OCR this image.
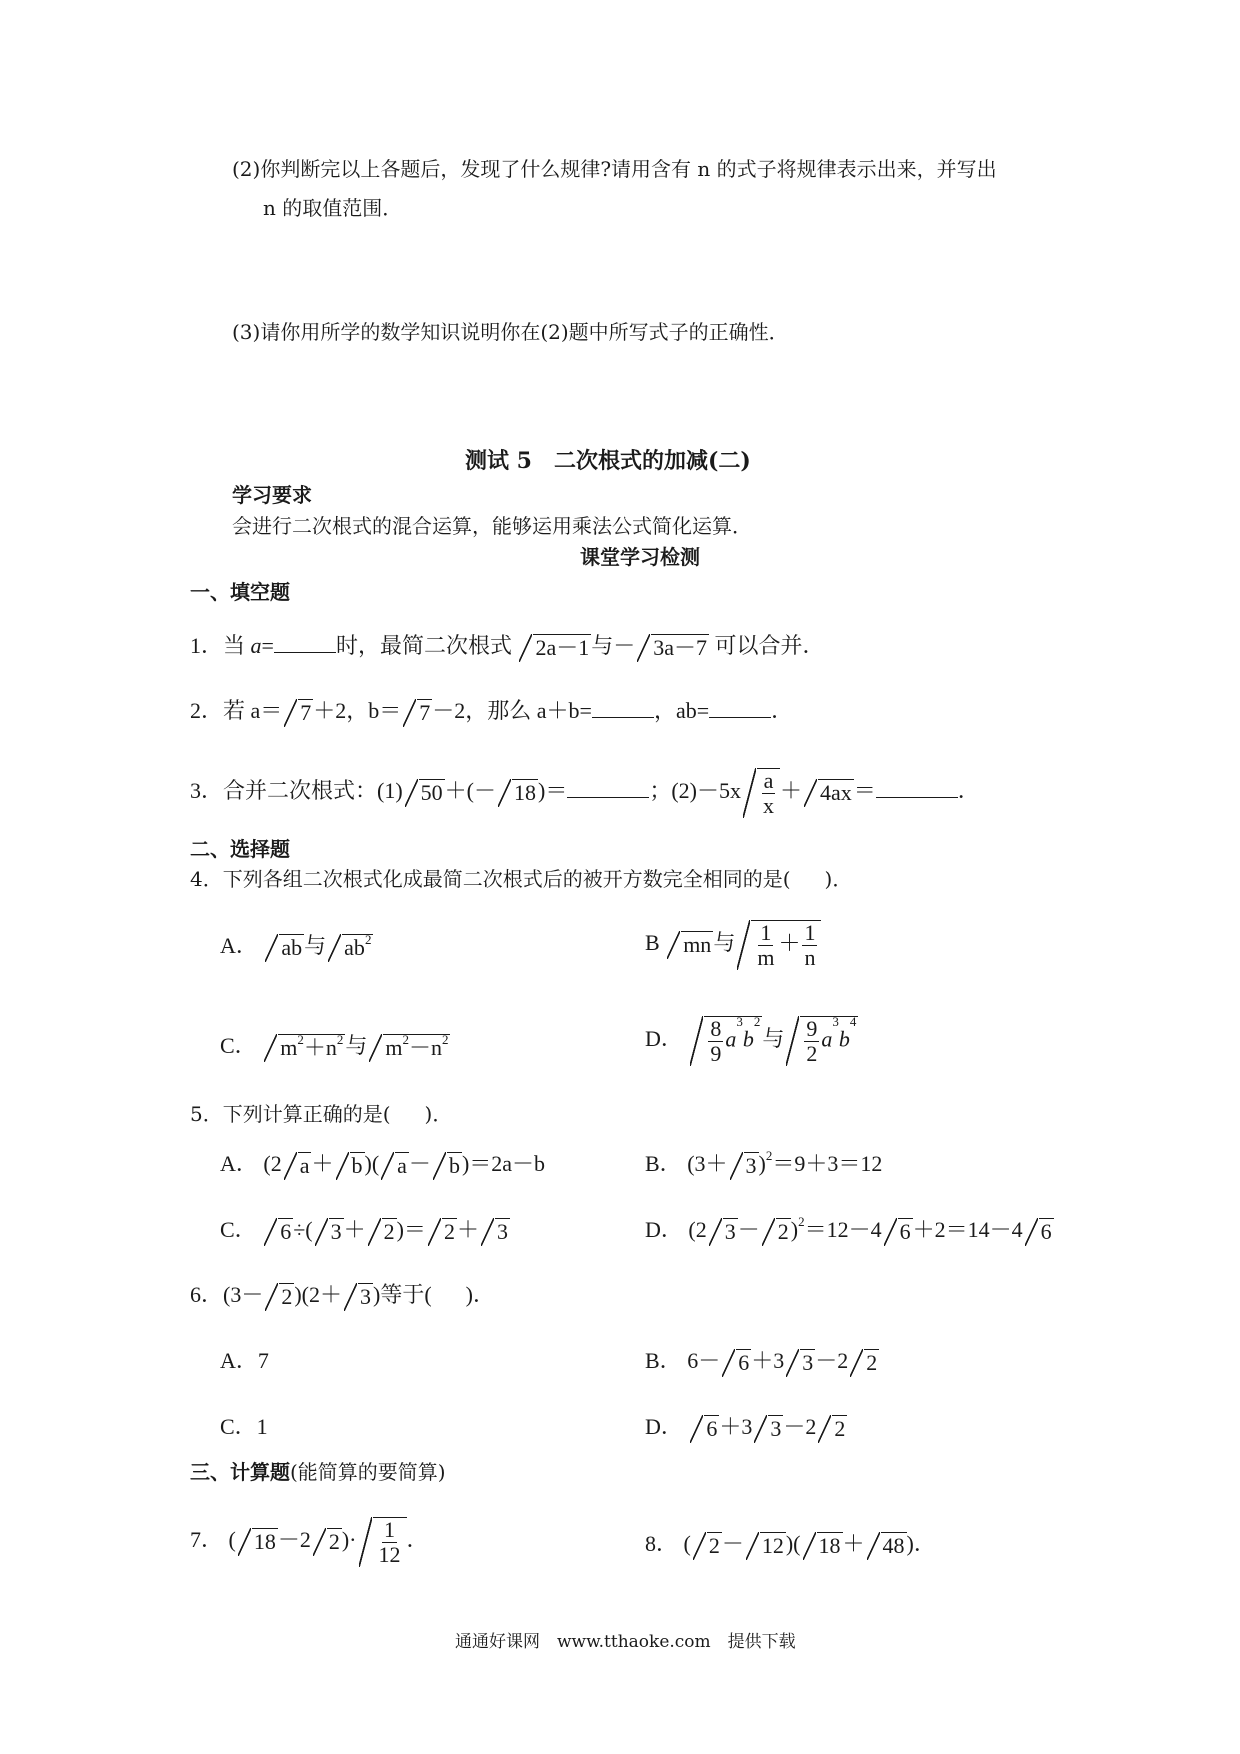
(2)你判断完以上各题后，发现了什么规律?请用含有 n 的式子将规律表示出来，并写出
n 的取值范围．
(3)请你用所学的数学知识说明你在(2)题中所写式子的正确性．
测试 5　二次根式的加减(二)
学习要求
会进行二次根式的混合运算，能够运用乘法公式简化运算．
课堂学习检测
一、填空题
1．当 a=	时，最简二次根式 2a－1与－ 3a－7 可以合并．
2．若 a＝ 7＋2，b＝ 7－2，那么 a＋b=	，ab=	．
3．合并二次根式：(1) 50＋(－ 18)＝	；$(2)-5x \frac{a}{x} + 4ax=$	．
二、选择题
4．下列各组二次根式化成最简二次根式后的被开方数完全相同的是( )．
A． ab与 $ab^2$	B mn与 $\frac{1}{m} + \frac{1}{n}$
C． $m^2+n^2$与 $m^2-n^2$	D． $\frac{8}{9} a^3b^2$与 $\frac{9}{2} a^3b^4$
5．下列计算正确的是( )．
A． (2 a＋ b)( a－ b)＝2a－b	B． $(3+ 3)^2=9+3=12$
C． 6÷( 3＋ 2)＝ 2＋ 3	D． (2 3－ 2)$^2$＝12－4 6＋2＝14－4 6
6．(3－ 2)(2＋ 3)等于( )．
A．7	B． 6－ 6＋3 3－2 2
C．1	D． 6＋3 3－2 2
三、计算题(能简算的要简算)
7． ( 18－2 $2)\cdot \frac{1}{12}$ ．	8． ( 2－ 12)( 18＋ 48)．
通通好课网　www.tthaoke.com　提供下载
